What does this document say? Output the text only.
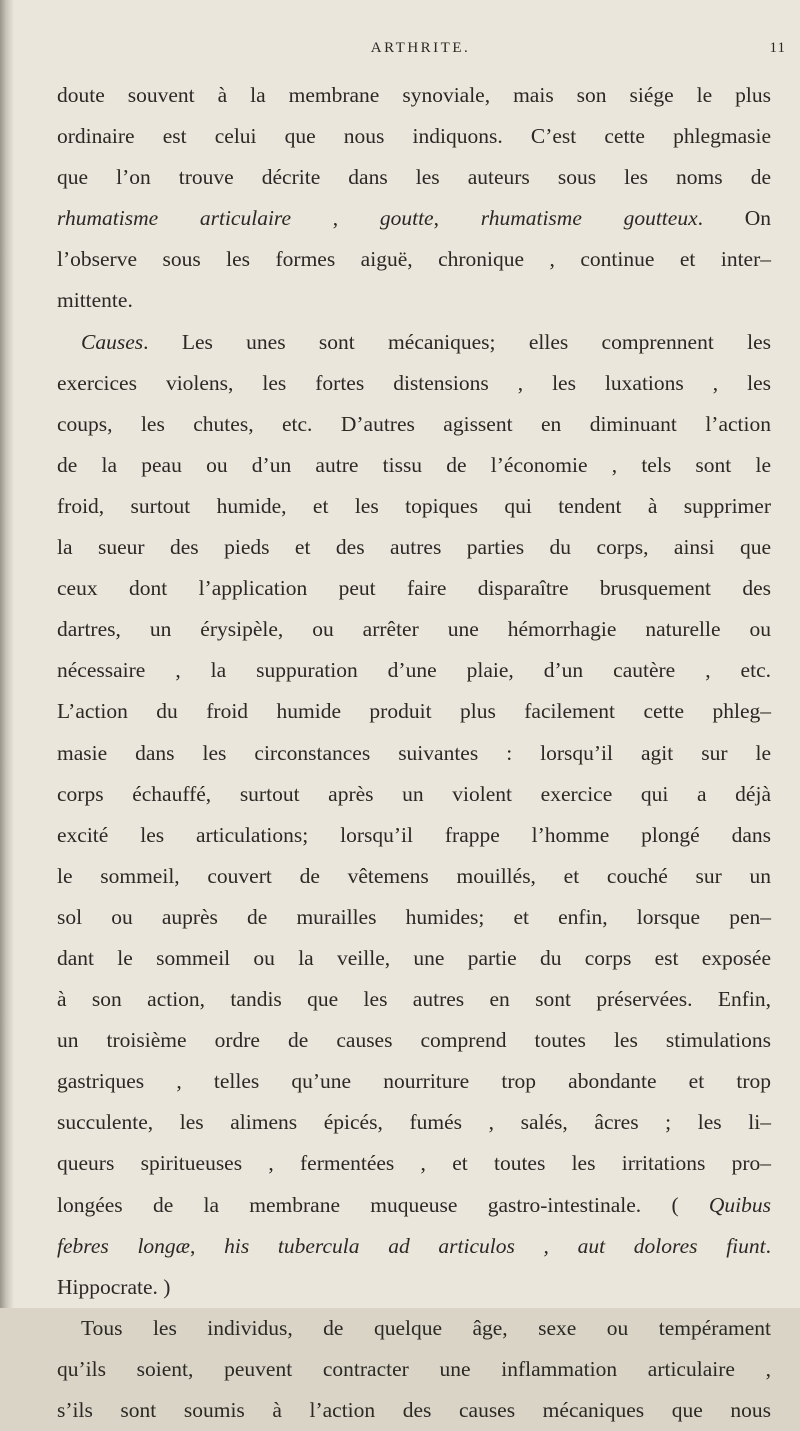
ARTHRITE.	11
doute souvent à la membrane synoviale, mais son siége le plus
ordinaire est celui que nous indiquons. C’est cette phlegmasie
que l’on trouve décrite dans les auteurs sous les noms de
rhumatisme articulaire , goutte, rhumatisme goutteux. On
l’observe sous les formes aiguë, chronique , continue et inter–
mittente.
Causes. Les unes sont mécaniques; elles comprennent les
exercices violens, les fortes distensions , les luxations , les
coups, les chutes, etc. D’autres agissent en diminuant l’action
de la peau ou d’un autre tissu de l’économie , tels sont le
froid, surtout humide, et les topiques qui tendent à supprimer
la sueur des pieds et des autres parties du corps, ainsi que
ceux dont l’application peut faire disparaître brusquement des
dartres, un érysipèle, ou arrêter une hémorrhagie naturelle ou
nécessaire , la suppuration d’une plaie, d’un cautère , etc.
L’action du froid humide produit plus facilement cette phleg–
masie dans les circonstances suivantes : lorsqu’il agit sur le
corps échauffé, surtout après un violent exercice qui a déjà
excité les articulations; lorsqu’il frappe l’homme plongé dans
le sommeil, couvert de vêtemens mouillés, et couché sur un
sol ou auprès de murailles humides; et enfin, lorsque pen–
dant le sommeil ou la veille, une partie du corps est exposée
à son action, tandis que les autres en sont préservées. Enfin,
un troisième ordre de causes comprend toutes les stimulations
gastriques , telles qu’une nourriture trop abondante et trop
succulente, les alimens épicés, fumés , salés, âcres ; les li–
queurs spiritueuses , fermentées , et toutes les irritations pro–
longées de la membrane muqueuse gastro-intestinale. ( Quibus
febres longæ, his tubercula ad articulos , aut dolores fiunt.
Hippocrate. )
Tous les individus, de quelque âge, sexe ou tempérament
qu’ils soient, peuvent contracter une inflammation articulaire ,
s’ils sont soumis à l’action des causes mécaniques que nous
